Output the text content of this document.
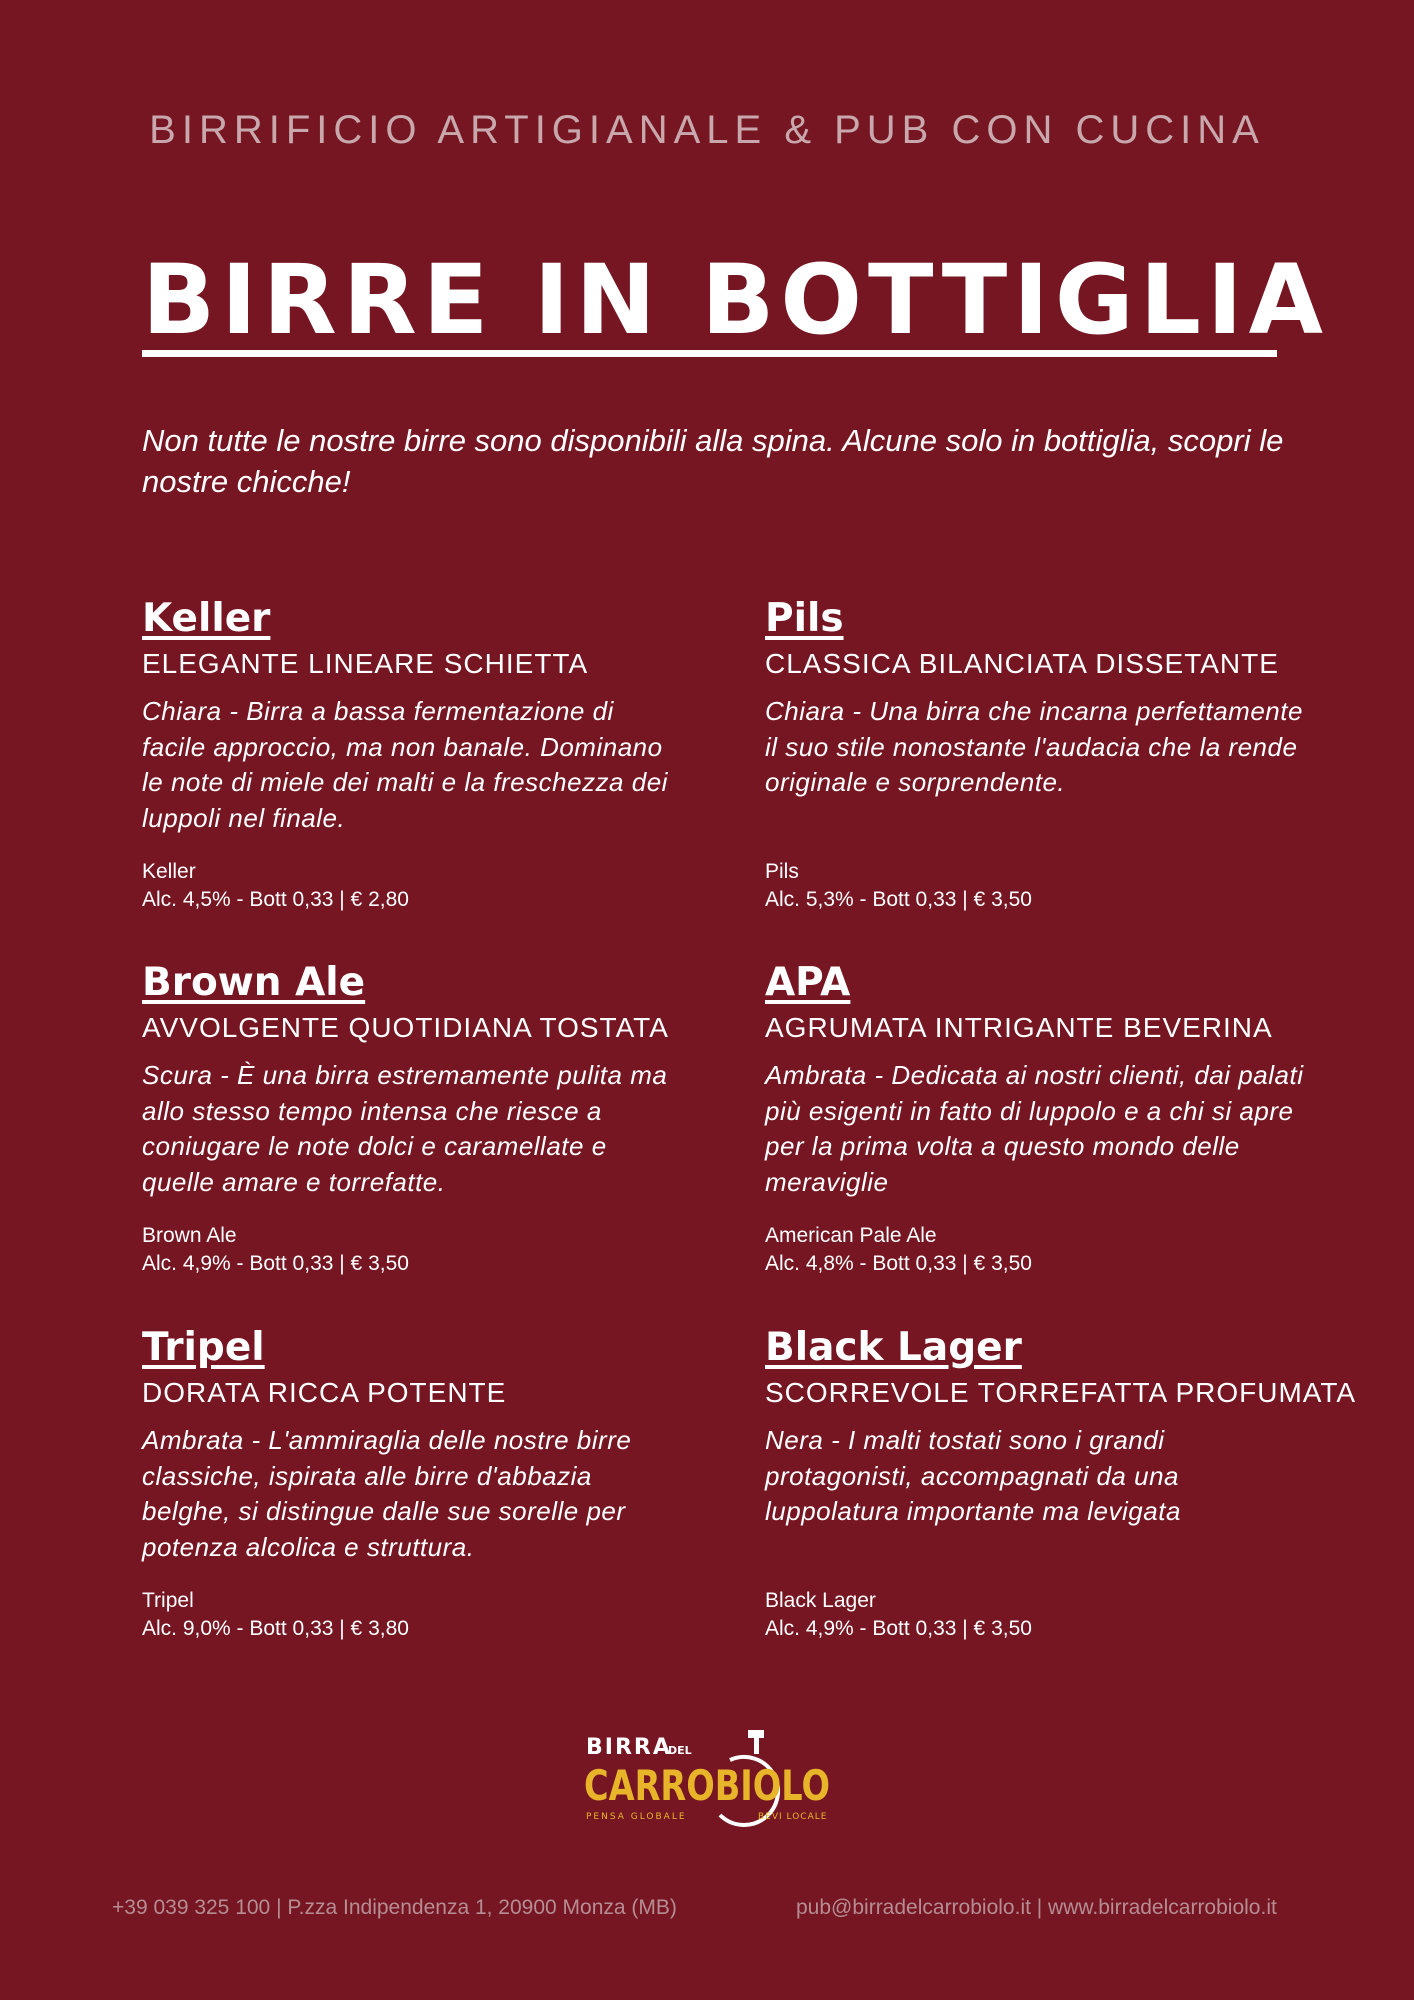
BIRRIFICIO ARTIGIANALE & PUB CON CUCINA
BIRRE IN BOTTIGLIA
Non tutte le nostre birre sono disponibili alla spina. Alcune solo in bottiglia, scopri le nostre chicche!
Keller
ELEGANTE LINEARE SCHIETTA
Chiara - Birra a bassa fermentazione di facile approccio, ma non banale. Dominano le note di miele dei malti e la freschezza dei luppoli nel finale.
Keller
Alc. 4,5% - Bott 0,33 | € 2,80
Pils
CLASSICA BILANCIATA DISSETANTE
Chiara - Una birra che incarna perfettamente il suo stile nonostante l'audacia che la rende originale e sorprendente.
Pils
Alc. 5,3% - Bott 0,33 | € 3,50
Brown Ale
AVVOLGENTE QUOTIDIANA TOSTATA
Scura - È una birra estremamente pulita ma allo stesso tempo intensa che riesce a coniugare le note dolci e caramellate e quelle amare e torrefatte.
Brown Ale
Alc. 4,9% - Bott 0,33 | € 3,50
APA
AGRUMATA INTRIGANTE BEVERINA
Ambrata - Dedicata ai nostri clienti, dai palati più esigenti in fatto di luppolo e a chi si apre per la prima volta a questo mondo delle meraviglie
American Pale Ale
Alc. 4,8% - Bott 0,33 | € 3,50
Tripel
DORATA RICCA POTENTE
Ambrata - L'ammiraglia delle nostre birre classiche, ispirata alle birre d'abbazia belghe, si distingue dalle sue sorelle per potenza alcolica e struttura.
Tripel
Alc. 9,0% - Bott 0,33 | € 3,80
Black Lager
SCORREVOLE TORREFATTA PROFUMATA
Nera - I malti tostati sono i grandi protagonisti, accompagnati da una luppolatura importante ma levigata
Black Lager
Alc. 4,9% - Bott 0,33 | € 3,50
BIRRA
DEL
CARROBIOLO
PENSA GLOBALE	BEVI LOCALE
+39 039 325 100 | P.zza Indipendenza 1, 20900 Monza (MB)	pub@birradelcarrobiolo.it | www.birradelcarrobiolo.it
